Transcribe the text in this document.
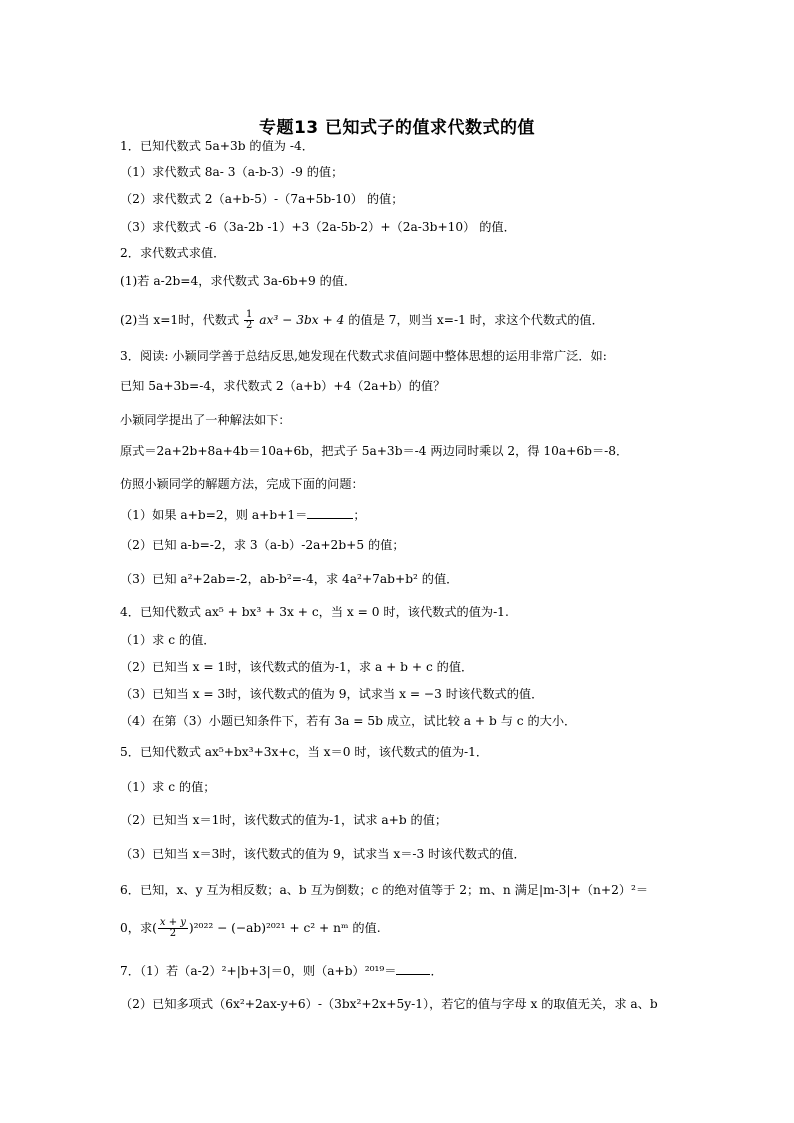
专题13 已知式子的值求代数式的值
1．已知代数式 5a+3b 的值为 -4．
（1）求代数式 8a- 3（a-b-3）-9 的值；
（2）求代数式 2（a+b-5）-（7a+5b-10） 的值；
（3）求代数式 -6（3a-2b -1）+3（2a-5b-2）+（2a-3b+10） 的值．
2．求代数式求值．
(1)若 a-2b=4，求代数式 3a-6b+9 的值．
(2)当 x=1时，代数式 $\frac{1}{2} ax^3 - 3bx + 4$ 的值是 7，则当 x=-1 时，求这个代数式的值．
3．阅读: 小颖同学善于总结反思,她发现在代数式求值问题中整体思想的运用非常广泛．如:
已知 5a+3b=-4，求代数式 2（a+b）+4（2a+b）的值？
小颖同学提出了一种解法如下：
原式＝2a+2b+8a+4b＝10a+6b，把式子 5a+3b＝-4 两边同时乘以 2，得 10a+6b＝-8．
仿照小颖同学的解题方法，完成下面的问题：
（1）如果 a+b=2，则 a+b+1＝	；
（2）已知 a-b=-2，求 3（a-b）-2a+2b+5 的值；
（3）已知 a²+2ab=-2，ab-b²=-4，求 4a²+7ab+b² 的值．
4．已知代数式 ax⁵ + bx³ + 3x + c，当 x = 0 时，该代数式的值为-1.
（1）求 c 的值．
（2）已知当 x = 1时，该代数式的值为-1，求 a + b + c 的值．
（3）已知当 x = 3时，该代数式的值为 9，试求当 x = −3 时该代数式的值．
（4）在第（3）小题已知条件下，若有 3a = 5b 成立，试比较 a + b 与 c 的大小．
5．已知代数式 ax⁵+bx³+3x+c，当 x＝0 时，该代数式的值为-1．
（1）求 c 的值；
（2）已知当 x＝1时，该代数式的值为-1，试求 a+b 的值；
（3）已知当 x＝3时，该代数式的值为 9，试求当 x＝-3 时该代数式的值．
6．已知，x、y 互为相反数；a、b 互为倒数；c 的绝对值等于 2；m、n 满足|m-3|+（n+2）²＝
0，求( $\frac{x + y}{2} )^{2022} - (-ab)^{2021} + c^2$ + nᵐ 的值.
7．（1）若（a-2）²+|b+3|＝0，则（a+b）²⁰¹⁹＝	．
（2）已知多项式（6x²+2ax-y+6）-（3bx²+2x+5y-1），若它的值与字母 x 的取值无关，求 a、b
